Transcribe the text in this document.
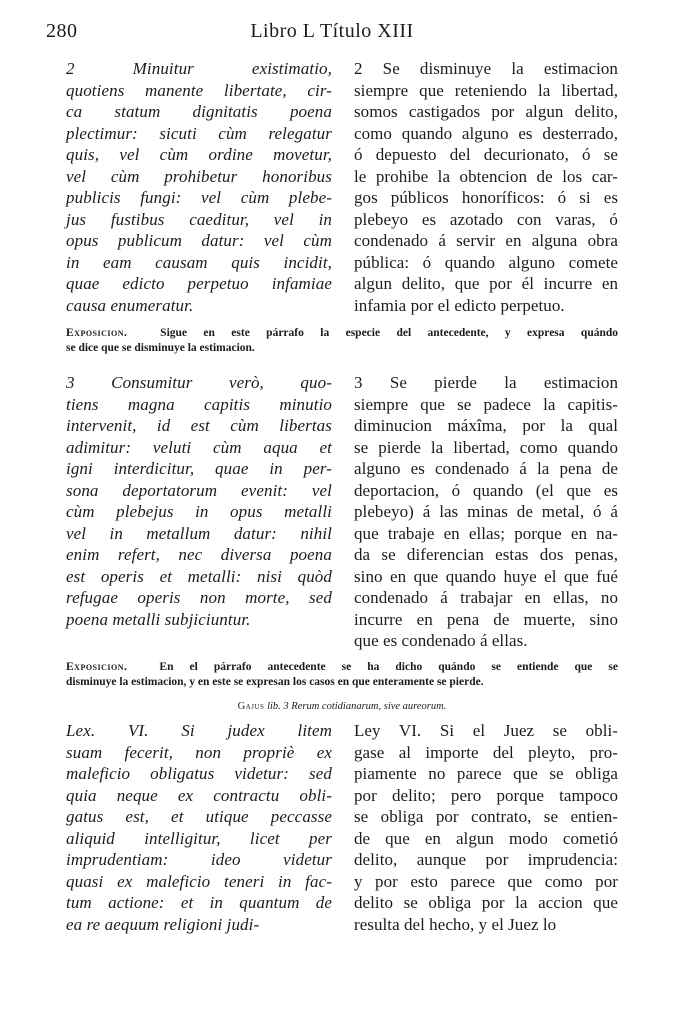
280	Libro L Título XIII
2 Minuitur existimatio,
quotiens manente libertate, cir-
ca statum dignitatis poena
plectimur: sicuti cùm relegatur
quis, vel cùm ordine movetur,
vel cùm prohibetur honoribus
publicis fungi: vel cùm plebe-
jus fustibus caeditur, vel in
opus publicum datur: vel cùm
in eam causam quis incidit,
quae edicto perpetuo infamiae
causa enumeratur.
2 Se disminuye la estimacion
siempre que reteniendo la libertad,
somos castigados por algun delito,
como quando alguno es desterrado,
ó depuesto del decurionato, ó se
le prohibe la obtencion de los car-
gos públicos honoríficos: ó si es
plebeyo es azotado con varas, ó
condenado á servir en alguna obra
pública: ó quando alguno comete
algun delito, que por él incurre en
infamia por el edicto perpetuo.
Exposicion.	Sigue en este párrafo la especie del antecedente, y expresa quándo
se dice que se disminuye la estimacion.
3 Consumitur verò, quo-
tiens magna capitis minutio
intervenit, id est cùm libertas
adimitur: veluti cùm aqua et
igni interdicitur, quae in per-
sona deportatorum evenit: vel
cùm plebejus in opus metalli
vel in metallum datur: nihil
enim refert, nec diversa poena
est operis et metalli: nisi quòd
refugae operis non morte, sed
poena metalli subjiciuntur.
3 Se pierde la estimacion
siempre que se padece la capitis-
diminucion máxîma, por la qual
se pierde la libertad, como quando
alguno es condenado á la pena de
deportacion, ó quando (el que es
plebeyo) á las minas de metal, ó á
que trabaje en ellas; porque en na-
da se diferencian estas dos penas,
sino en que quando huye el que fué
condenado á trabajar en ellas, no
incurre en pena de muerte, sino
que es condenado á ellas.
Exposicion.	En el párrafo antecedente se ha dicho quándo se entiende que se
disminuye la estimacion, y en este se expresan los casos en que enteramente se pierde.
Gajus lib. 3 Rerum cotidianarum, sive aureorum.
Lex. VI. Si judex litem
suam fecerit, non propriè ex
maleficio obligatus videtur: sed
quia neque ex contractu obli-
gatus est, et utique peccasse
aliquid intelligitur, licet per
imprudentiam: ideo videtur
quasi ex maleficio teneri in fac-
tum actione: et in quantum de
ea re aequum religioni judi-
Ley VI. Si el Juez se obli-
gase al importe del pleyto, pro-
piamente no parece que se obliga
por delito; pero porque tampoco
se obliga por contrato, se entien-
de que en algun modo cometió
delito, aunque por imprudencia:
y por esto parece que como por
delito se obliga por la accion que
resulta del hecho, y el Juez lo
